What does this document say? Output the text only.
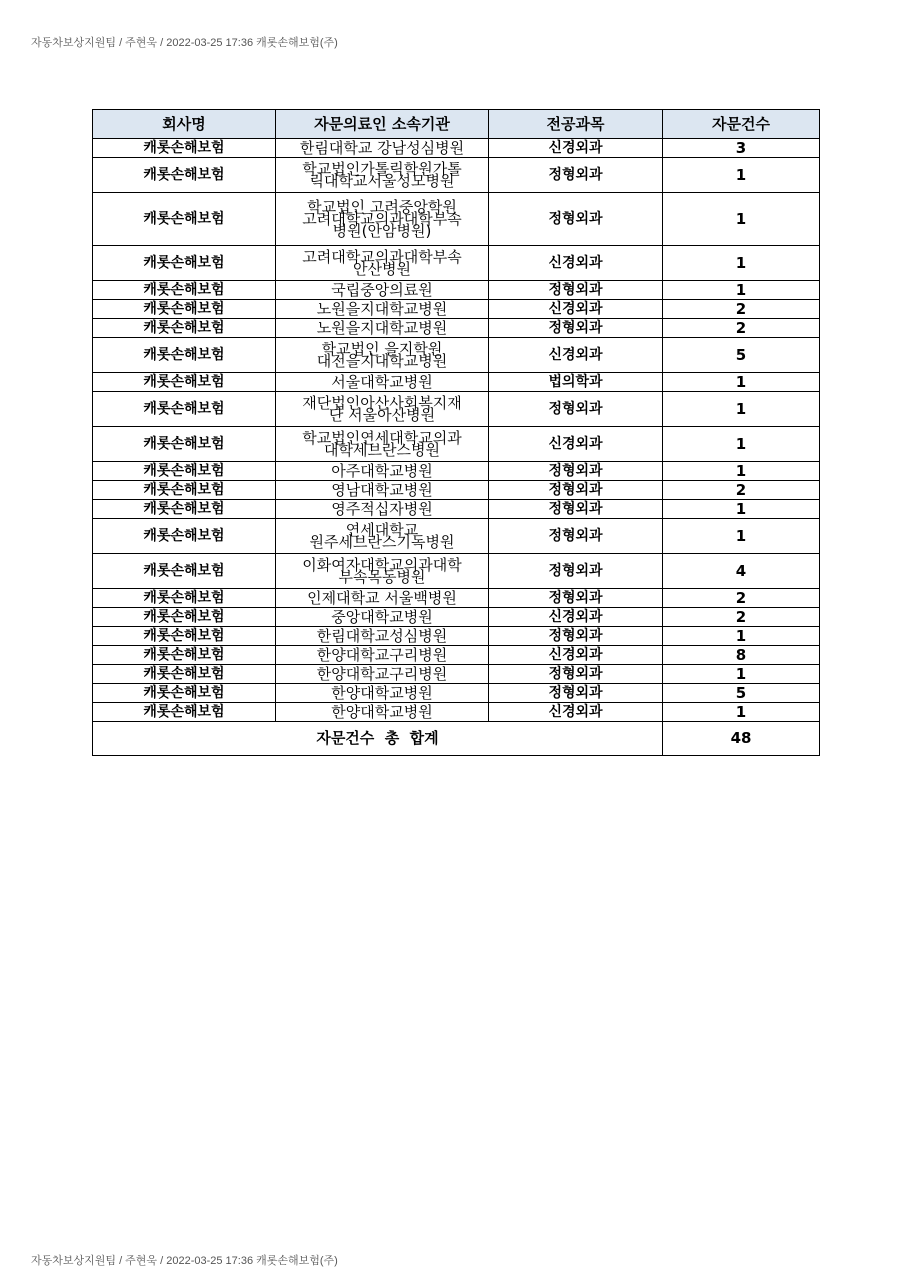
자동차보상지원팀 / 주현욱 / 2022-03-25 17:36 캐롯손해보험(주)
회사명	자문의료인 소속기관	전공과목	자문건수
캐롯손해보험	한림대학교 강남성심병원	신경외과	3
캐롯손해보험	학교법인가톨릭학원가톨
릭대학교서울성모병원	정형외과	1
캐롯손해보험	학교법인 고려중앙학원
고려대학교의과대학부속
병원(안암병원)	정형외과	1
캐롯손해보험	고려대학교의과대학부속
안산병원	신경외과	1
캐롯손해보험	국립중앙의료원	정형외과	1
캐롯손해보험	노원을지대학교병원	신경외과	2
캐롯손해보험	노원을지대학교병원	정형외과	2
캐롯손해보험	학교법인 을지학원
대전을지대학교병원	신경외과	5
캐롯손해보험	서울대학교병원	법의학과	1
캐롯손해보험	재단법인아산사회복지재
단 서울아산병원	정형외과	1
캐롯손해보험	학교법인연세대학교의과
대학세브란스병원	신경외과	1
캐롯손해보험	아주대학교병원	정형외과	1
캐롯손해보험	영남대학교병원	정형외과	2
캐롯손해보험	영주적십자병원	정형외과	1
캐롯손해보험	연세대학교
원주세브란스기독병원	정형외과	1
캐롯손해보험	이화여자대학교의과대학
부속목동병원	정형외과	4
캐롯손해보험	인제대학교 서울백병원	정형외과	2
캐롯손해보험	중앙대학교병원	신경외과	2
캐롯손해보험	한림대학교성심병원	정형외과	1
캐롯손해보험	한양대학교구리병원	신경외과	8
캐롯손해보험	한양대학교구리병원	정형외과	1
캐롯손해보험	한양대학교병원	정형외과	5
캐롯손해보험	한양대학교병원	신경외과	1
자문건수  총  합계			48
자동차보상지원팀 / 주현욱 / 2022-03-25 17:36 캐롯손해보험(주)
